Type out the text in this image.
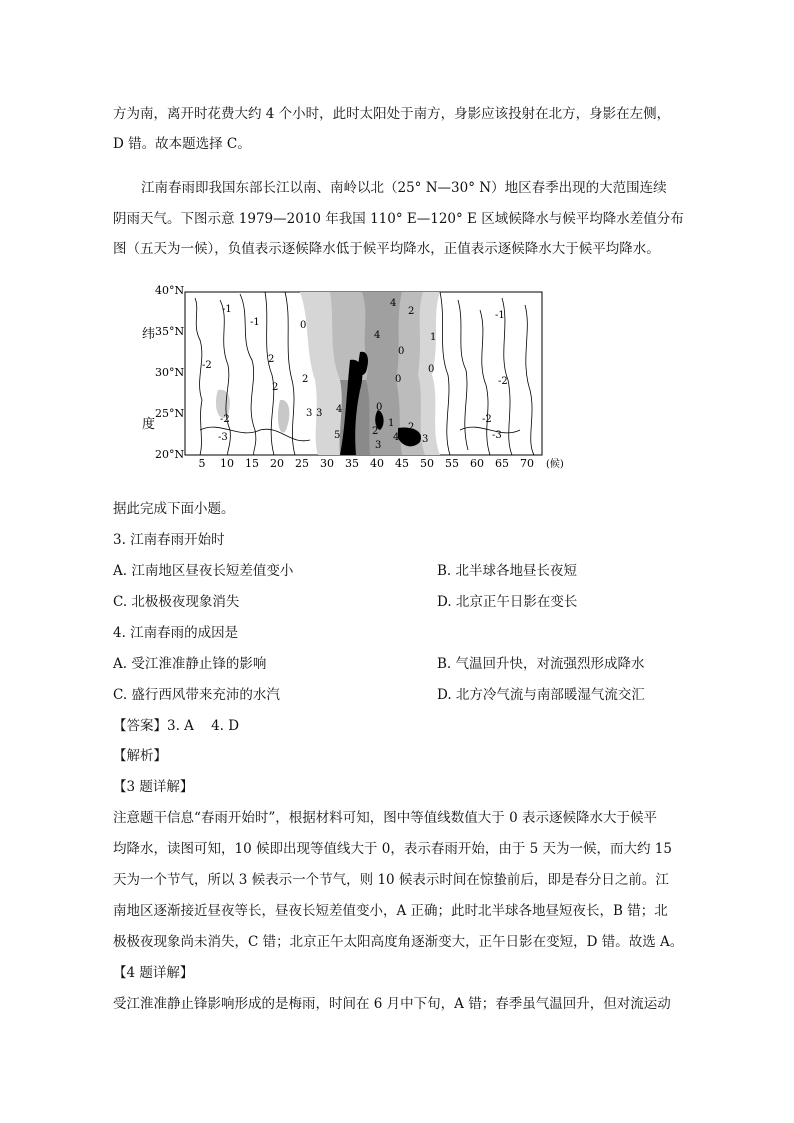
方为南，离开时花费大约 4 个小时，此时太阳处于南方，身影应该投射在北方，身影在左侧，
D 错。故本题选择 C。
江南春雨即我国东部长江以南、南岭以北（25° N—30° N）地区春季出现的大范围连续
阴雨天气。下图示意 1979—2010 年我国 110° E—120° E 区域候降水与候平均降水差值分布
图（五天为一候），负值表示逐候降水低于候平均降水，正值表示逐候降水大于候平均降水。
纬
度
40°N
35°N
30°N
25°N
20°N
-1
-1	0
4
2
1
-2
2
2	0
0
-1
-2
3 3 4
5
0
2
1
4
2
3
3
-3
-2
-3
0
-2
2
4
5 10 15 20 25 30 35 40 45 50 55 60 65 70 (候)
据此完成下面小题。
3. 江南春雨开始时
A. 江南地区昼夜长短差值变小	B. 北半球各地昼长夜短
C. 北极极夜现象消失	D. 北京正午日影在变长
4. 江南春雨的成因是
A. 受江淮准静止锋的影响	B. 气温回升快，对流强烈形成降水
C. 盛行西风带来充沛的水汽	D. 北方冷气流与南部暖湿气流交汇
【答案】3. A    4. D
【解析】
【3 题详解】
注意题干信息“春雨开始时”，根据材料可知，图中等值线数值大于 0 表示逐候降水大于候平
均降水，读图可知，10 候即出现等值线大于 0，表示春雨开始，由于 5 天为一候，而大约 15
天为一个节气，所以 3 候表示一个节气，则 10 候表示时间在惊蛰前后，即是春分日之前。江
南地区逐渐接近昼夜等长，昼夜长短差值变小，A 正确；此时北半球各地昼短夜长，B 错；北
极极夜现象尚未消失，C 错；北京正午太阳高度角逐渐变大，正午日影在变短，D 错。故选 A。
【4 题详解】
受江淮准静止锋影响形成的是梅雨，时间在 6 月中下旬，A 错；春季虽气温回升，但对流运动
